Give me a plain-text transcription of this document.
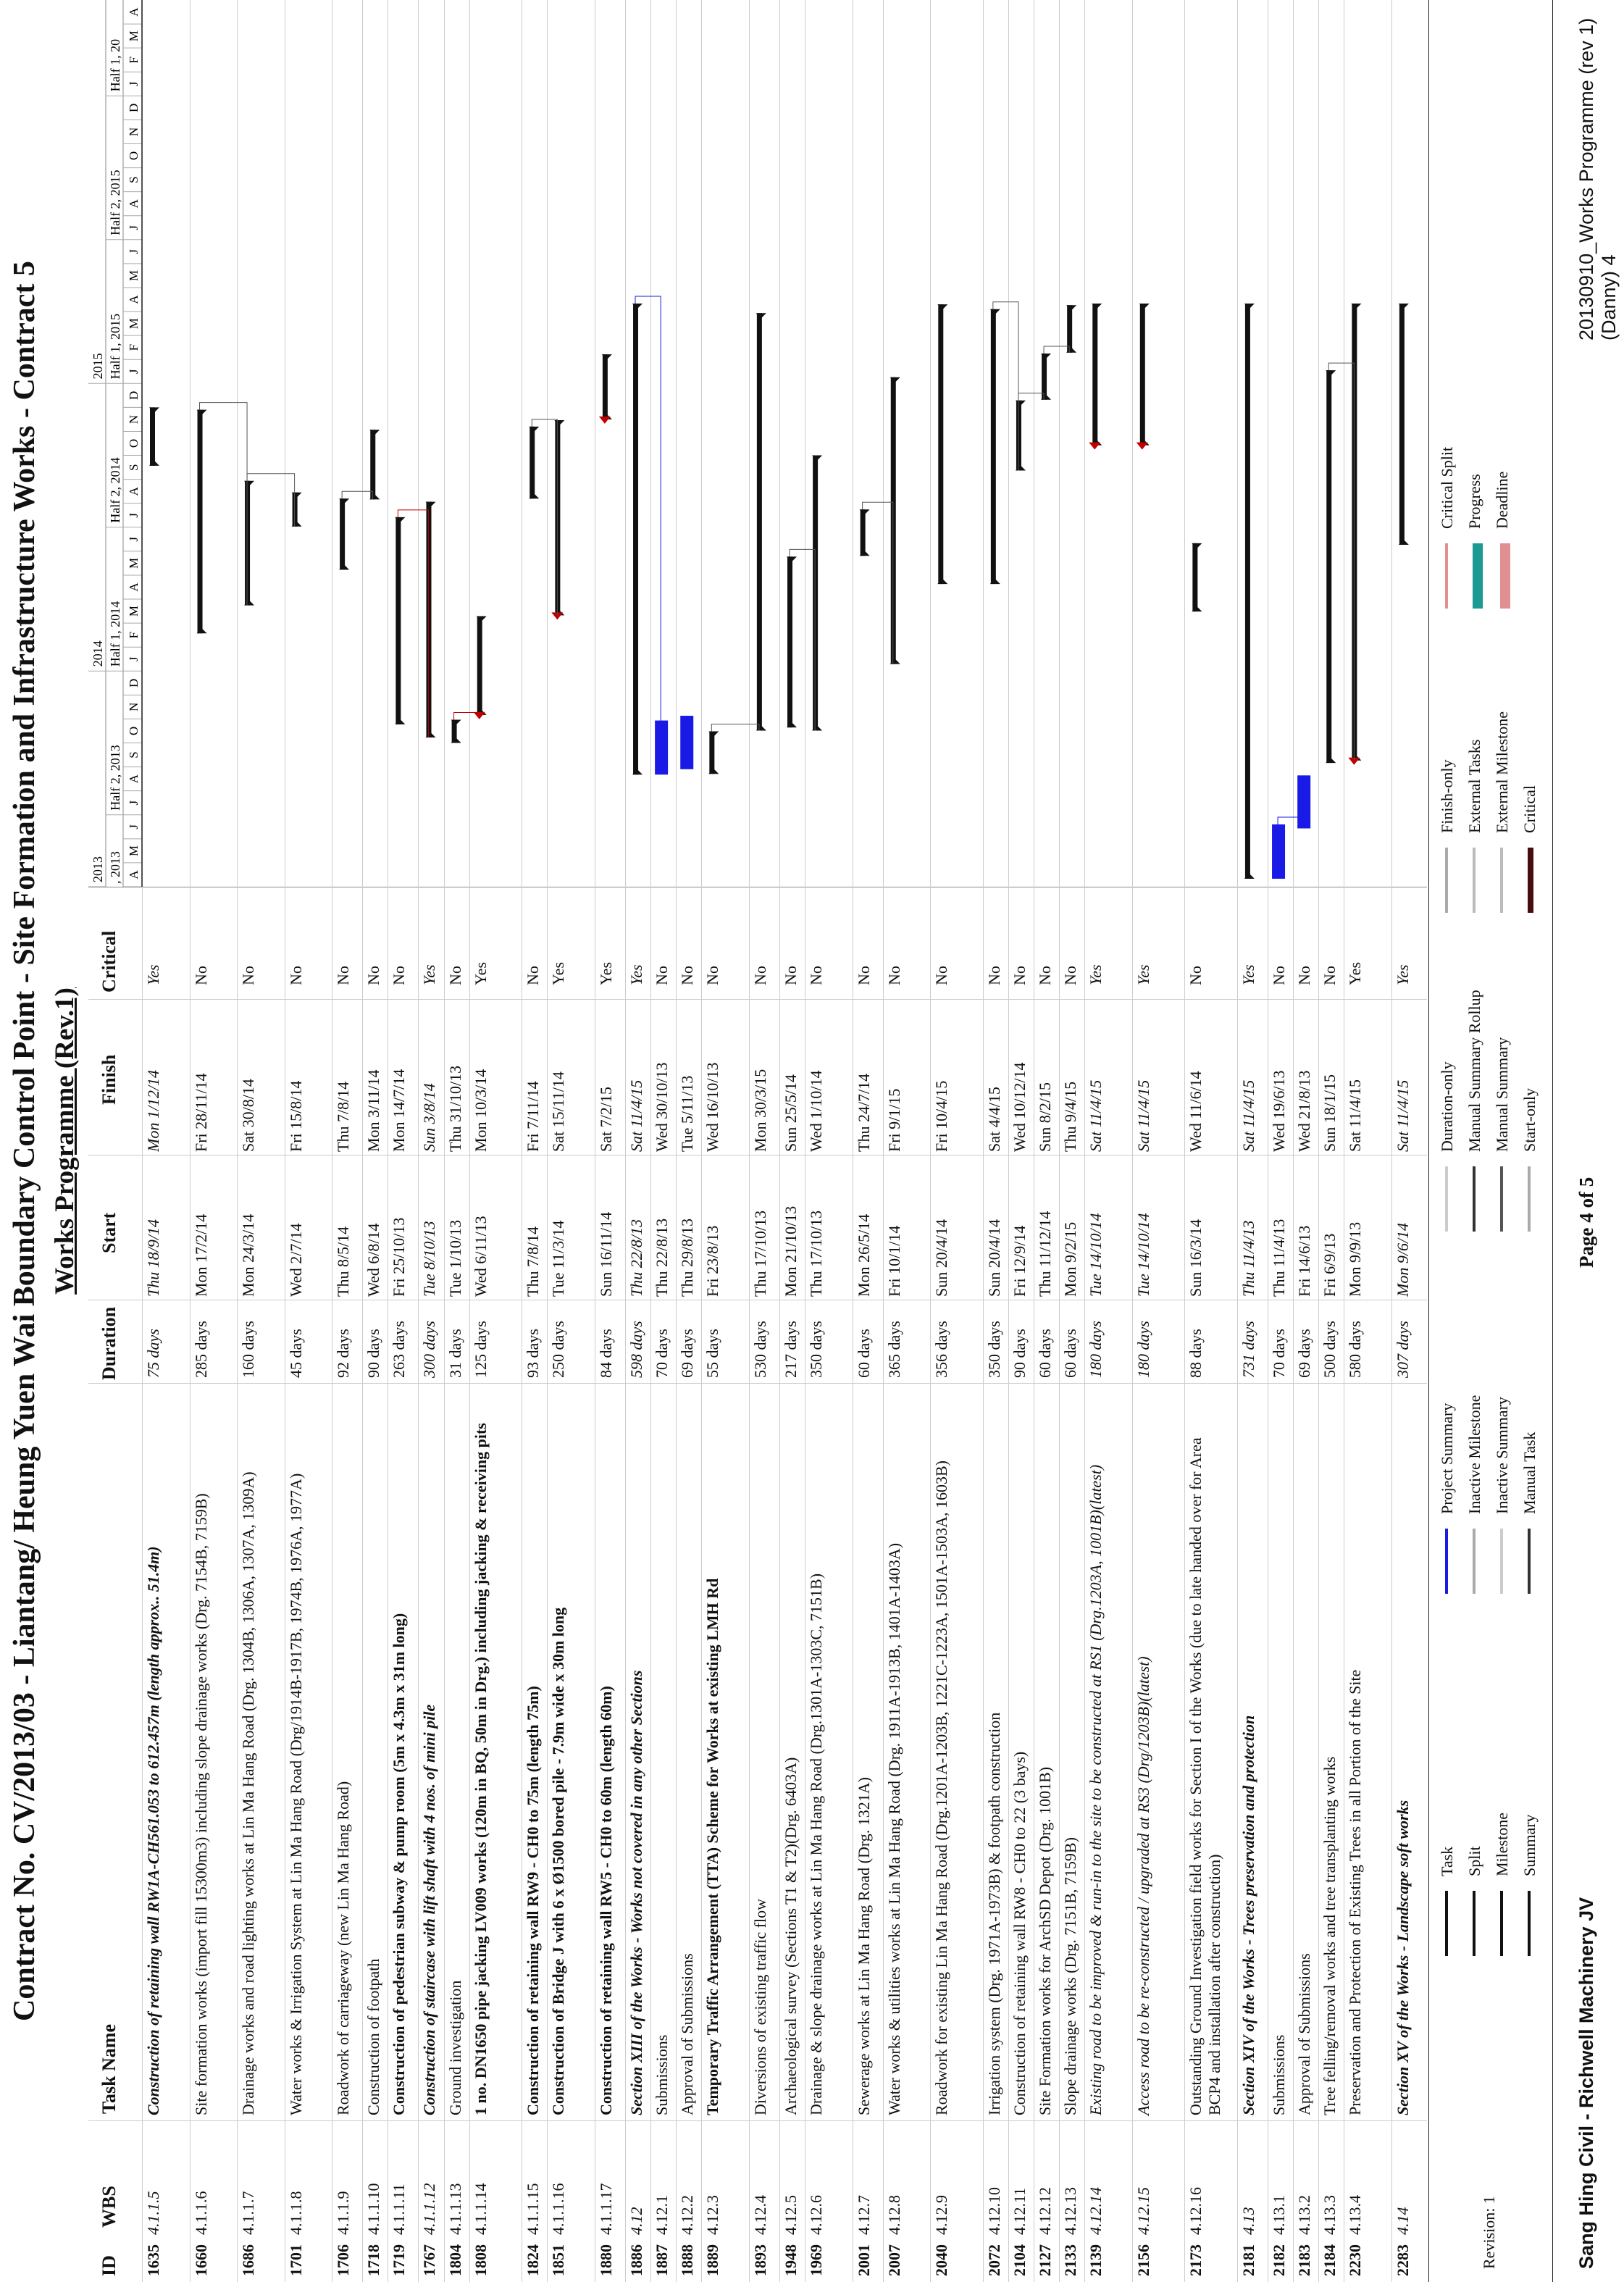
Contract No. CV/2013/03 - Liantang/ Heung Yuen Wai Boundary Control Point - Site Formation and Infrastructure Works - Contract 5 Works Programme (Rev.1)
ID
WBS
Task Name
Duration
Start
Finish
Critical
1635
4.1.1.5
Construction of retaining wall RW1A-CH561.053 to 612.457m (length approx.. 51.4m)
75 days
Thu 18/9/14
Mon 1/12/14
Yes
1660
4.1.1.6
Site formation works (import fill 15300m3) including slope drainage works (Drg. 7154B, 7159B)
285 days
Mon 17/2/14
Fri 28/11/14
No
1686
4.1.1.7
Drainage works and road lighting works at Lin Ma Hang Road (Drg. 1304B, 1306A, 1307A, 1309A)
160 days
Mon 24/3/14
Sat 30/8/14
No
1701
4.1.1.8
Water works & Irrigation System at Lin Ma Hang Road (Drg/1914B-1917B, 1974B, 1976A, 1977A)
45 days
Wed 2/7/14
Fri 15/8/14
No
1706
4.1.1.9
Roadwork of carriageway (new Lin Ma Hang Road)
92 days
Thu 8/5/14
Thu 7/8/14
No
1718
4.1.1.10
Construction of footpath
90 days
Wed 6/8/14
Mon 3/11/14
No
1719
4.1.1.11
Construction of pedestrian subway & pump room (5m x 4.3m x 31m long)
263 days
Fri 25/10/13
Mon 14/7/14
No
1767
4.1.1.12
Construction of staircase with lift shaft with 4 nos. of mini pile
300 days
Tue 8/10/13
Sun 3/8/14
Yes
1804
4.1.1.13
Ground investigation
31 days
Tue 1/10/13
Thu 31/10/13
No
1808
4.1.1.14
1 no. DN1650 pipe jacking LV009 works (120m in BQ, 50m in Drg.) including jacking & receiving pits
125 days
Wed 6/11/13
Mon 10/3/14
Yes
1824
4.1.1.15
Construction of retaining wall RW9 - CH0 to 75m (length 75m)
93 days
Thu 7/8/14
Fri 7/11/14
No
1851
4.1.1.16
Construction of Bridge J with 6 x Ø1500 bored pile - 7.9m wide x 30m long
250 days
Tue 11/3/14
Sat 15/11/14
Yes
1880
4.1.1.17
Construction of retaining wall RW5 - CH0 to 60m (length 60m)
84 days
Sun 16/11/14
Sat 7/2/15
Yes
1886
4.12
Section XIII of the Works - Works not covered in any other Sections
598 days
Thu 22/8/13
Sat 11/4/15
Yes
1887
4.12.1
Submissions
70 days
Thu 22/8/13
Wed 30/10/13
No
1888
4.12.2
Approval of Submissions
69 days
Thu 29/8/13
Tue 5/11/13
No
1889
4.12.3
Temporary Traffic Arrangement (TTA) Scheme for Works at existing LMH Rd
55 days
Fri 23/8/13
Wed 16/10/13
No
1893
4.12.4
Diversions of existing traffic flow
530 days
Thu 17/10/13
Mon 30/3/15
No
1948
4.12.5
Archaeological survey (Sections T1 & T2)(Drg. 6403A)
217 days
Mon 21/10/13
Sun 25/5/14
No
1969
4.12.6
Drainage & slope drainage works at Lin Ma Hang Road (Drg.1301A-1303C, 7151B)
350 days
Thu 17/10/13
Wed 1/10/14
No
2001
4.12.7
Sewerage works at Lin Ma Hang Road (Drg. 1321A)
60 days
Mon 26/5/14
Thu 24/7/14
No
2007
4.12.8
Water works & utilities works at Lin Ma Hang Road (Drg. 1911A-1913B, 1401A-1403A)
365 days
Fri 10/1/14
Fri 9/1/15
No
2040
4.12.9
Roadwork for existing Lin Ma Hang Road (Drg.1201A-1203B, 1221C-1223A, 1501A-1503A, 1603B)
356 days
Sun 20/4/14
Fri 10/4/15
No
2072
4.12.10
Irrigation system (Drg. 1971A-1973B) & footpath construction
350 days
Sun 20/4/14
Sat 4/4/15
No
2104
4.12.11
Construction of retaining wall RW8 - CH0 to 22 (3 bays)
90 days
Fri 12/9/14
Wed 10/12/14
No
2127
4.12.12
Site Formation works for ArchSD Depot (Drg. 1001B)
60 days
Thu 11/12/14
Sun 8/2/15
No
2133
4.12.13
Slope drainage works (Drg. 7151B, 7159B)
60 days
Mon 9/2/15
Thu 9/4/15
No
2139
4.12.14
Existing road to be improved & run-in to the site to be constructed at RS1 (Drg.1203A, 1001B)(latest)
180 days
Tue 14/10/14
Sat 11/4/15
Yes
2156
4.12.15
Access road to be re-constructed / upgraded at RS3 (Drg/1203B)(latest)
180 days
Tue 14/10/14
Sat 11/4/15
Yes
2173
4.12.16
Outstanding Ground Investigation field works for Section I of the Works (due to late handed over for Area BCP4 and installation after construction)
88 days
Sun 16/3/14
Wed 11/6/14
No
2181
4.13
Section XIV of the Works - Trees preservation and protection
731 days
Thu 11/4/13
Sat 11/4/15
Yes
2182
4.13.1
Submissions
70 days
Thu 11/4/13
Wed 19/6/13
No
2183
4.13.2
Approval of Submissions
69 days
Fri 14/6/13
Wed 21/8/13
No
2184
4.13.3
Tree felling/removal works and tree transplanting works
500 days
Fri 6/9/13
Sun 18/1/15
No
2230
4.13.4
Preservation and Protection of Existing Trees in all Portion of the Site
580 days
Mon 9/9/13
Sat 11/4/15
Yes
2283
4.14
Section XV of the Works - Landscape soft works
307 days
Mon 9/6/14
Sat 11/4/15
Yes
A
M
J
J
A
S
O
N
D
J
F
M
A
M
J
J
A
S
O
N
D
J
F
M
A
M
J
J
A
S
O
N
D
J
F
M
A
2013
2014
2015
, 2013
Half 2, 2013
Half 1, 2014
Half 2, 2014
Half 1, 2015
Half 2, 2015
Half 1, 20
Revision: 1
Task Split Milestone Summary
Project Summary Inactive Milestone Inactive Summary Manual Task
Duration-only Manual Summary Rollup Manual Summary Start-only
Finish-only External Tasks External Milestone Critical
Critical Split Progress Deadline
Sang Hing Civil - Richwell Machinery JV
Page 4 of 5
20130910_Works Programme (rev 1) (Danny) 4
